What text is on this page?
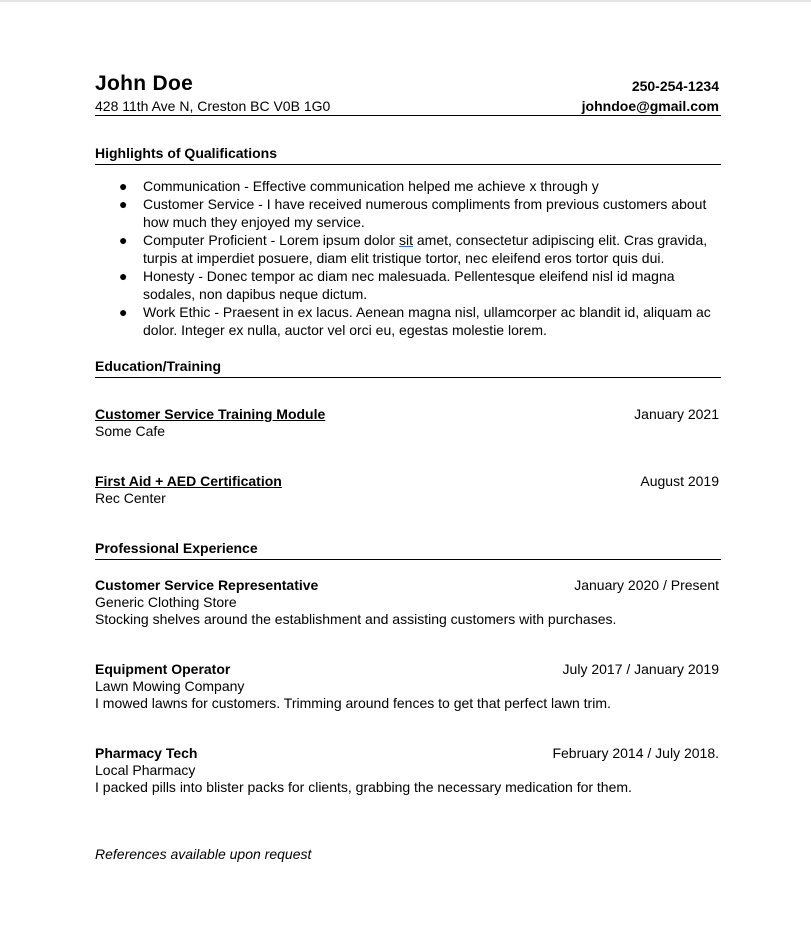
John Doe
428 11th Ave N, Creston BC V0B 1G0
250-254-1234
johndoe@gmail.com
Highlights of Qualifications
● Communication - Effective communication helped me achieve x through y
● Customer Service - I have received numerous compliments from previous customers about how much they enjoyed my service.
● Computer Proficient - Lorem ipsum dolor sit amet, consectetur adipiscing elit. Cras gravida, turpis at imperdiet posuere, diam elit tristique tortor, nec eleifend eros tortor quis dui.
● Honesty - Donec tempor ac diam nec malesuada. Pellentesque eleifend nisl id magna sodales, non dapibus neque dictum.
● Work Ethic - Praesent in ex lacus. Aenean magna nisl, ullamcorper ac blandit id, aliquam ac dolor. Integer ex nulla, auctor vel orci eu, egestas molestie lorem.
Education/Training
Customer Service Training Module
Some Cafe
January 2021
First Aid + AED Certification
Rec Center
August 2019
Professional Experience
Customer Service Representative
Generic Clothing Store
Stocking shelves around the establishment and assisting customers with purchases.
January 2020 / Present
Equipment Operator
Lawn Mowing Company
I mowed lawns for customers. Trimming around fences to get that perfect lawn trim.
July 2017 / January 2019
Pharmacy Tech
Local Pharmacy
I packed pills into blister packs for clients, grabbing the necessary medication for them.
February 2014 / July 2018.
References available upon request
